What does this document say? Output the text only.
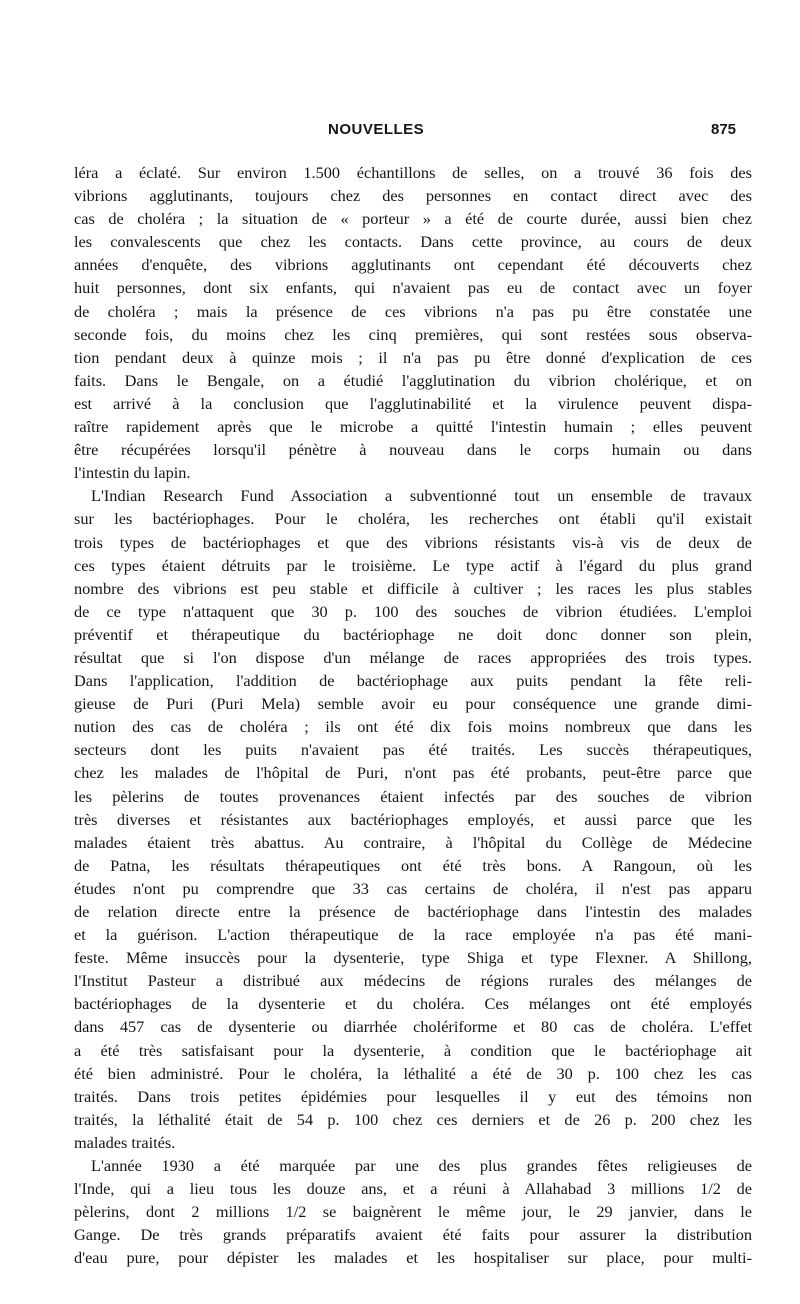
NOUVELLES	875
léra a éclaté. Sur environ 1.500 échantillons de selles, on a trouvé 36 fois des
vibrions agglutinants, toujours chez des personnes en contact direct avec des
cas de choléra ; la situation de « porteur » a été de courte durée, aussi bien chez
les convalescents que chez les contacts. Dans cette province, au cours de deux
années d'enquête, des vibrions agglutinants ont cependant été découverts chez
huit personnes, dont six enfants, qui n'avaient pas eu de contact avec un foyer
de choléra ; mais la présence de ces vibrions n'a pas pu être constatée une
seconde fois, du moins chez les cinq premières, qui sont restées sous observa-
tion pendant deux à quinze mois ; il n'a pas pu être donné d'explication de ces
faits. Dans le Bengale, on a étudié l'agglutination du vibrion cholérique, et on
est arrivé à la conclusion que l'agglutinabilité et la virulence peuvent dispa-
raître rapidement après que le microbe a quitté l'intestin humain ; elles peuvent
être récupérées lorsqu'il pénètre à nouveau dans le corps humain ou dans
l'intestin du lapin.
L'Indian Research Fund Association a subventionné tout un ensemble de travaux
sur les bactériophages. Pour le choléra, les recherches ont établi qu'il existait
trois types de bactériophages et que des vibrions résistants vis-à vis de deux de
ces types étaient détruits par le troisième. Le type actif à l'égard du plus grand
nombre des vibrions est peu stable et difficile à cultiver ; les races les plus stables
de ce type n'attaquent que 30 p. 100 des souches de vibrion étudiées. L'emploi
préventif et thérapeutique du bactériophage ne doit donc donner son plein,
résultat que si l'on dispose d'un mélange de races appropriées des trois types.
Dans l'application, l'addition de bactériophage aux puits pendant la fête reli-
gieuse de Puri (Puri Mela) semble avoir eu pour conséquence une grande dimi-
nution des cas de choléra ; ils ont été dix fois moins nombreux que dans les
secteurs dont les puits n'avaient pas été traités. Les succès thérapeutiques,
chez les malades de l'hôpital de Puri, n'ont pas été probants, peut-être parce que
les pèlerins de toutes provenances étaient infectés par des souches de vibrion
très diverses et résistantes aux bactériophages employés, et aussi parce que les
malades étaient très abattus. Au contraire, à l'hôpital du Collège de Médecine
de Patna, les résultats thérapeutiques ont été très bons. A Rangoun, où les
études n'ont pu comprendre que 33 cas certains de choléra, il n'est pas apparu
de relation directe entre la présence de bactériophage dans l'intestin des malades
et la guérison. L'action thérapeutique de la race employée n'a pas été mani-
feste. Même insuccès pour la dysenterie, type Shiga et type Flexner. A Shillong,
l'Institut Pasteur a distribué aux médecins de régions rurales des mélanges de
bactériophages de la dysenterie et du choléra. Ces mélanges ont été employés
dans 457 cas de dysenterie ou diarrhée cholériforme et 80 cas de choléra. L'effet
a été très satisfaisant pour la dysenterie, à condition que le bactériophage ait
été bien administré. Pour le choléra, la léthalité a été de 30 p. 100 chez les cas
traités. Dans trois petites épidémies pour lesquelles il y eut des témoins non
traités, la léthalité était de 54 p. 100 chez ces derniers et de 26 p. 200 chez les
malades traités.
L'année 1930 a été marquée par une des plus grandes fêtes religieuses de
l'Inde, qui a lieu tous les douze ans, et a réuni à Allahabad 3 millions 1/2 de
pèlerins, dont 2 millions 1/2 se baignèrent le même jour, le 29 janvier, dans le
Gange. De très grands préparatifs avaient été faits pour assurer la distribution
d'eau pure, pour dépister les malades et les hospitaliser sur place, pour multi-
